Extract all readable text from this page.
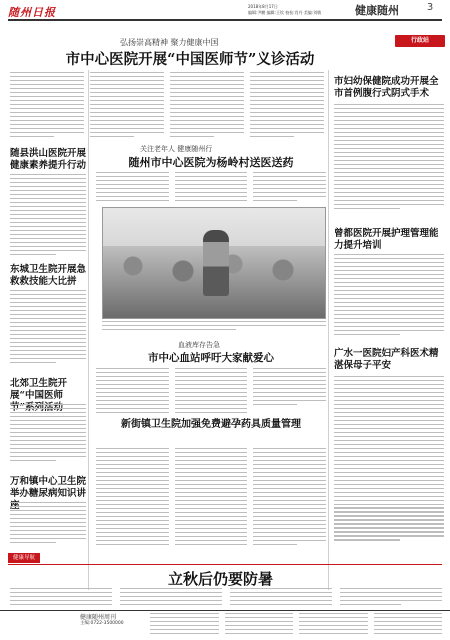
随州日报	2018年8月17日
编辑:尹鹏 编辑:王钦 校检:肖丹 美编:刘敏	健康随州	3
弘扬崇高精神 聚力健康中国
市中心医院开展“中国医师节”义诊活动
行政站
市妇幼保健院成功开展全市首例腹行式阴式手术
曾都医院开展护理管理能力提升培训
广水一医院妇产科医术精湛保母子平安
随县洪山医院开展健康素养提升行动
东城卫生院开展急救救技能大比拼
北郊卫生院开展“中国医师
万和镇中心卫生院举办糖尿病知识讲
关注老年人 健康随州行
随州市中心医院为杨岭村送医送药
血液库存告急
市中心血站呼吁大家献爱心
新街镇卫生院加强免费避孕药具质量管理
健康导航
立秋后仍要防暑
健康随州周刊
主编:0722-3500000
